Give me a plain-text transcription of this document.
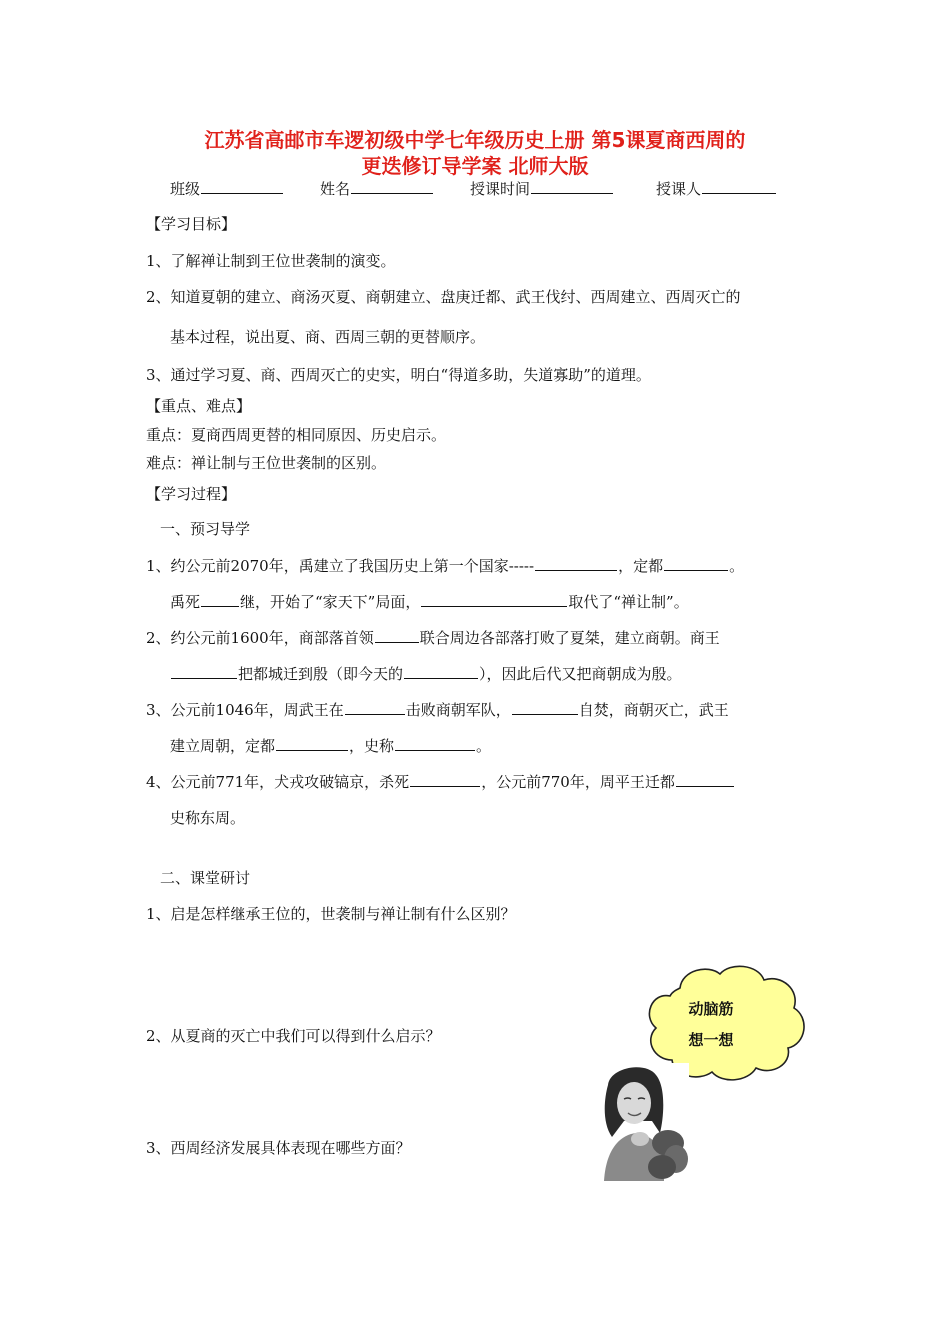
江苏省高邮市车逻初级中学七年级历史上册 第5课夏商西周的
更迭修订导学案 北师大版
班级	姓名	授课时间	授课人
【学习目标】
1、了解禅让制到王位世袭制的演变。
2、知道夏朝的建立、商汤灭夏、商朝建立、盘庚迁都、武王伐纣、西周建立、西周灭亡的
基本过程，说出夏、商、西周三朝的更替顺序。
3、通过学习夏、商、西周灭亡的史实，明白“得道多助，失道寡助”的道理。
【重点、难点】
重点：夏商西周更替的相同原因、历史启示。
难点：禅让制与王位世袭制的区别。
【学习过程】
一、预习导学
1、约公元前2070年，禹建立了我国历史上第一个国家-----	，定都	。
禹死	继，开始了“家天下”局面，	取代了“禅让制”。
2、约公元前1600年，商部落首领	联合周边各部落打败了夏桀，建立商朝。商王
把都城迁到殷（即今天的	），因此后代又把商朝成为殷。
3、公元前1046年，周武王在	击败商朝军队，	自焚，商朝灭亡，武王
建立周朝，定都	，史称	。
4、公元前771年，犬戎攻破镐京，杀死	，公元前770年，周平王迁都
史称东周。
二、课堂研讨
1、启是怎样继承王位的，世袭制与禅让制有什么区别？
2、从夏商的灭亡中我们可以得到什么启示？
3、西周经济发展具体表现在哪些方面？
动脑筋
想一想
